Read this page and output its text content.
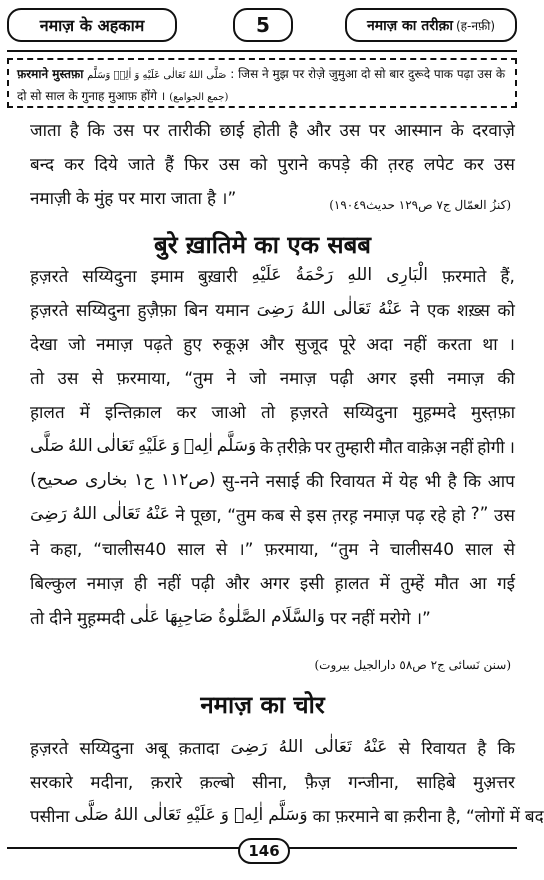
नमाज़ के अहकाम	5	नमाज़ का तरीक़ा (ह-नफ़ी)
फ़रमाने मुस्तफ़ा صَلَّى اللهُ تَعَالٰى عَلَيْهِ وَ اٰلِهٖ وَسَلَّم : जिस ने मुझ पर रोज़े जुमुआ दो सो बार दुरूदे पाक पढ़ा उस के दो सो साल के गुनाह मुआफ़ होंगे । (جمع الجوامع)
जाता है कि उस पर तारीकी छाई होती है और उस पर आस्मान के दरवाज़े
बन्द कर दिये जाते हैं फिर उस को पुराने कपड़े की त़रह लपेट कर उस
नमाज़ी के मुंह पर मारा जाता है ।”
ह़ज़रते सय्यिदुना इमाम बुख़ारी عَلَيْهِ رَحْمَةُ اللهِ الْبَارِى फ़रमाते हैं,
ह़ज़रते सय्यिदुना हुज़ैफ़ा बिन यमान رَضِىَ اللهُ تَعَالٰى عَنْهُ ने एक शख़्स को
देखा जो नमाज़ पढ़ते हुए रुकूअ़ और सुजूद पूरे अदा नहीं करता था ।
तो उस से फ़रमाया, “तुम ने जो नमाज़ पढ़ी अगर इसी नमाज़ की
ह़ालत में इन्तिक़ाल कर जाओ तो ह़ज़रते सय्यिदुना मुह़म्मदे मुस्त़फ़ा
صَلَّى اللهُ تَعَالٰى عَلَيْهِ وَ اٰلِهٖ وَسَلَّم के त़रीक़े पर तुम्हारी मौत वाक़ेअ़ नहीं होगी ।
(صحیح بخاری ج١ ص١١٢) सु-नने नसाई की रिवायत में येह भी है कि आप
رَضِىَ اللهُ تَعَالٰى عَنْهُ ने पूछा, “तुम कब से इस त़रह़ नमाज़ पढ़ रहे हो ?” उस
ने कहा, “चालीस40 साल से ।” फ़रमाया, “तुम ने चालीस40 साल से
बिल्कुल नमाज़ ही नहीं पढ़ी और अगर इसी ह़ालत में तुम्हें मौत आ गई
तो दीने मुह़म्मदी عَلٰى صَاحِبِهَا الصَّلٰوةُ وَالسَّلَام पर नहीं मरोगे ।”
ह़ज़रते सय्यिदुना अबू क़तादा رَضِىَ اللهُ تَعَالٰى عَنْهُ से रिवायत है कि
सरकारे मदीना, क़रारे क़ल्बो सीना, फ़ैज़ गन्जीना, साहिबे मुअ़त्तर
पसीना صَلَّى اللهُ تَعَالٰى عَلَيْهِ وَ اٰلِهٖ وَسَلَّم का फ़रमाने बा क़रीना है, “लोगों में बद
(كنزُ العمّال ج٧ ص١٢٩ حديث١٩٠٤٩)
बुरे ख़ातिमे का एक सबब
(سنن نَسائی ج٢ ص٥٨ دارالجيل بيروت)
नमाज़ का चोर
146
